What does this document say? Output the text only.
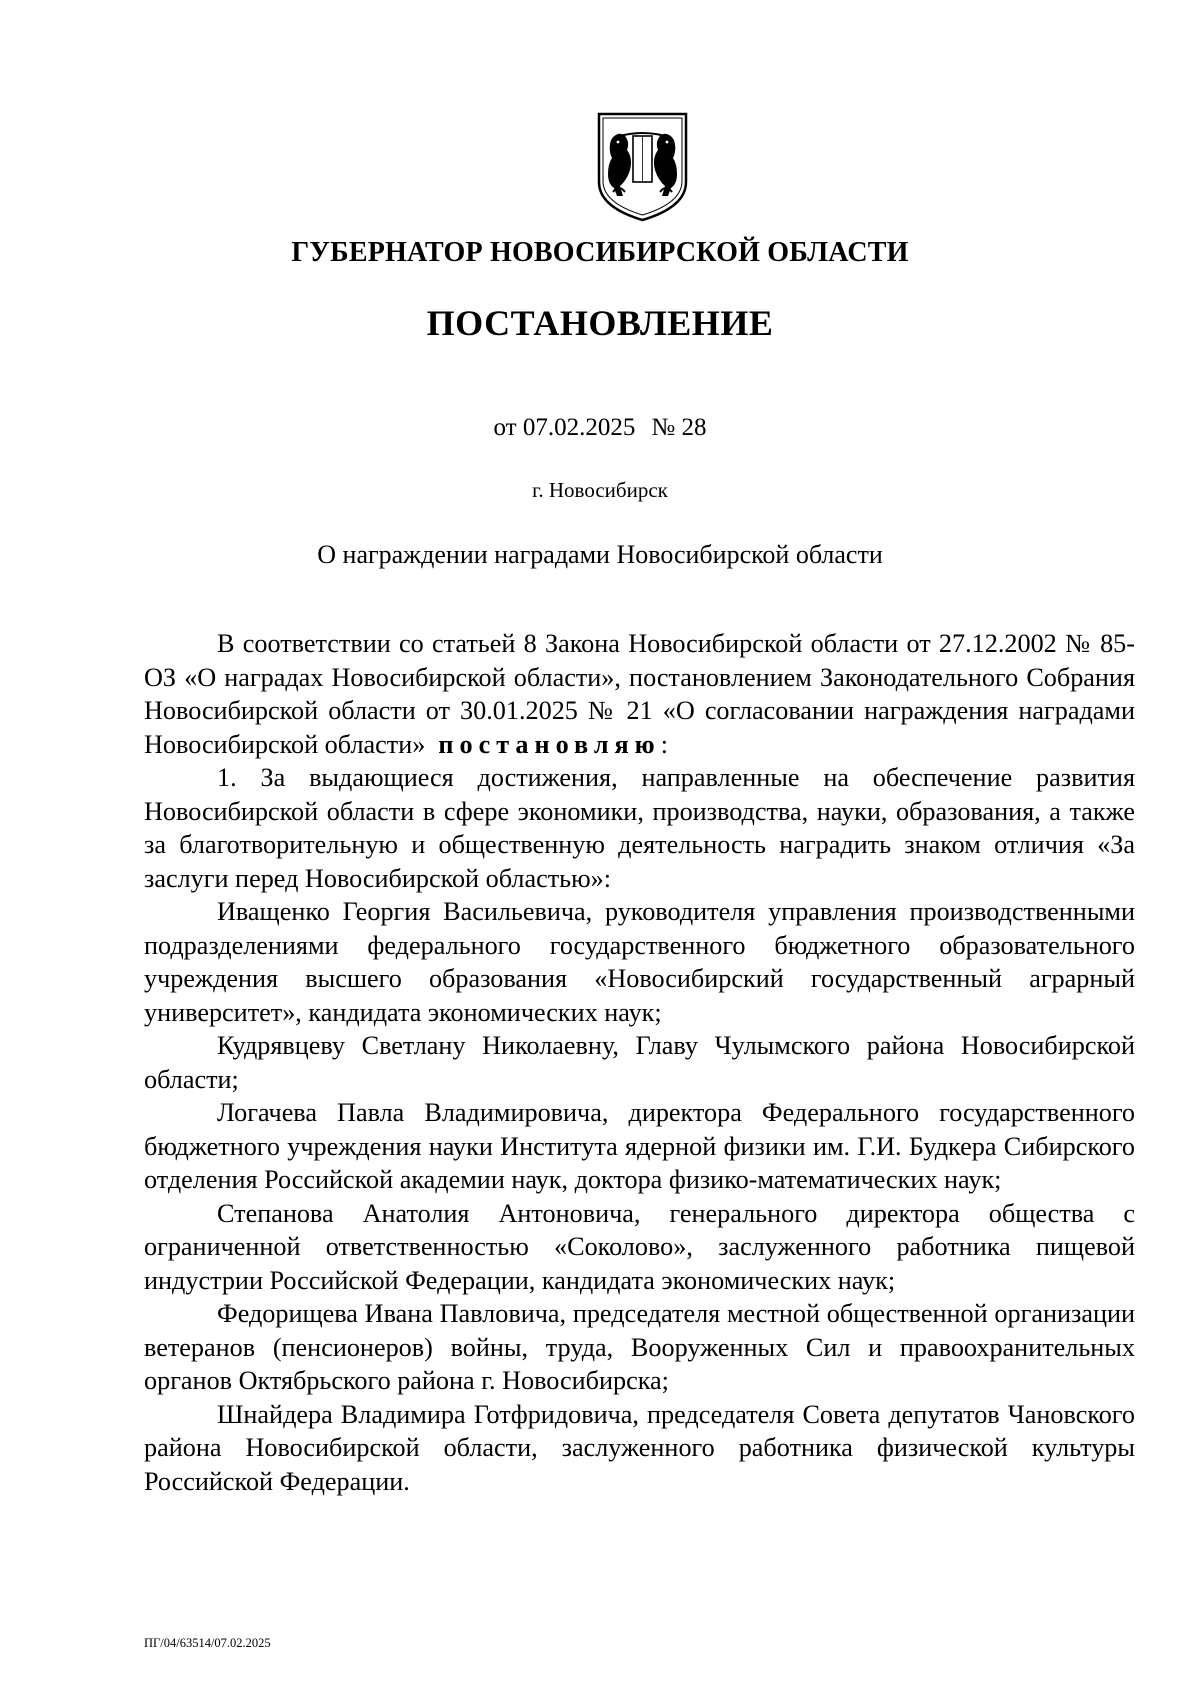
ГУБЕРНАТОР НОВОСИБИРСКОЙ ОБЛАСТИ
ПОСТАНОВЛЕНИЕ
от 07.02.2025 № 28
г. Новосибирск
О награждении наградами Новосибирской области

В соответствии со статьей 8 Закона Новосибирской области от 27.12.2002 № 85-ОЗ «О наградах Новосибирской области», постановлением Законодательного Собрания Новосибирской области от 30.01.2025 № 21 «О согласовании награждения наградами Новосибирской области» постановляю:

1. За выдающиеся достижения, направленные на обеспечение развития Новосибирской области в сфере экономики, производства, науки, образования, а также за благотворительную и общественную деятельность наградить знаком отличия «За заслуги перед Новосибирской областью»:

Иващенко Георгия Васильевича, руководителя управления производственными подразделениями федерального государственного бюджетного образовательного учреждения высшего образования «Новосибирский государственный аграрный университет», кандидата экономических наук;

Кудрявцеву Светлану Николаевну, Главу Чулымского района Новосибирской области;

Логачева Павла Владимировича, директора Федерального государственного бюджетного учреждения науки Института ядерной физики им. Г.И. Будкера Сибирского отделения Российской академии наук, доктора физико-математических наук;

Степанова Анатолия Антоновича, генерального директора общества с ограниченной ответственностью «Соколово», заслуженного работника пищевой индустрии Российской Федерации, кандидата экономических наук;

Федорищева Ивана Павловича, председателя местной общественной организации ветеранов (пенсионеров) войны, труда, Вооруженных Сил и правоохранительных органов Октябрьского района г. Новосибирска;

Шнайдера Владимира Готфридовича, председателя Совета депутатов Чановского района Новосибирской области, заслуженного работника физической культуры Российской Федерации.

ПГ/04/63514/07.02.2025
